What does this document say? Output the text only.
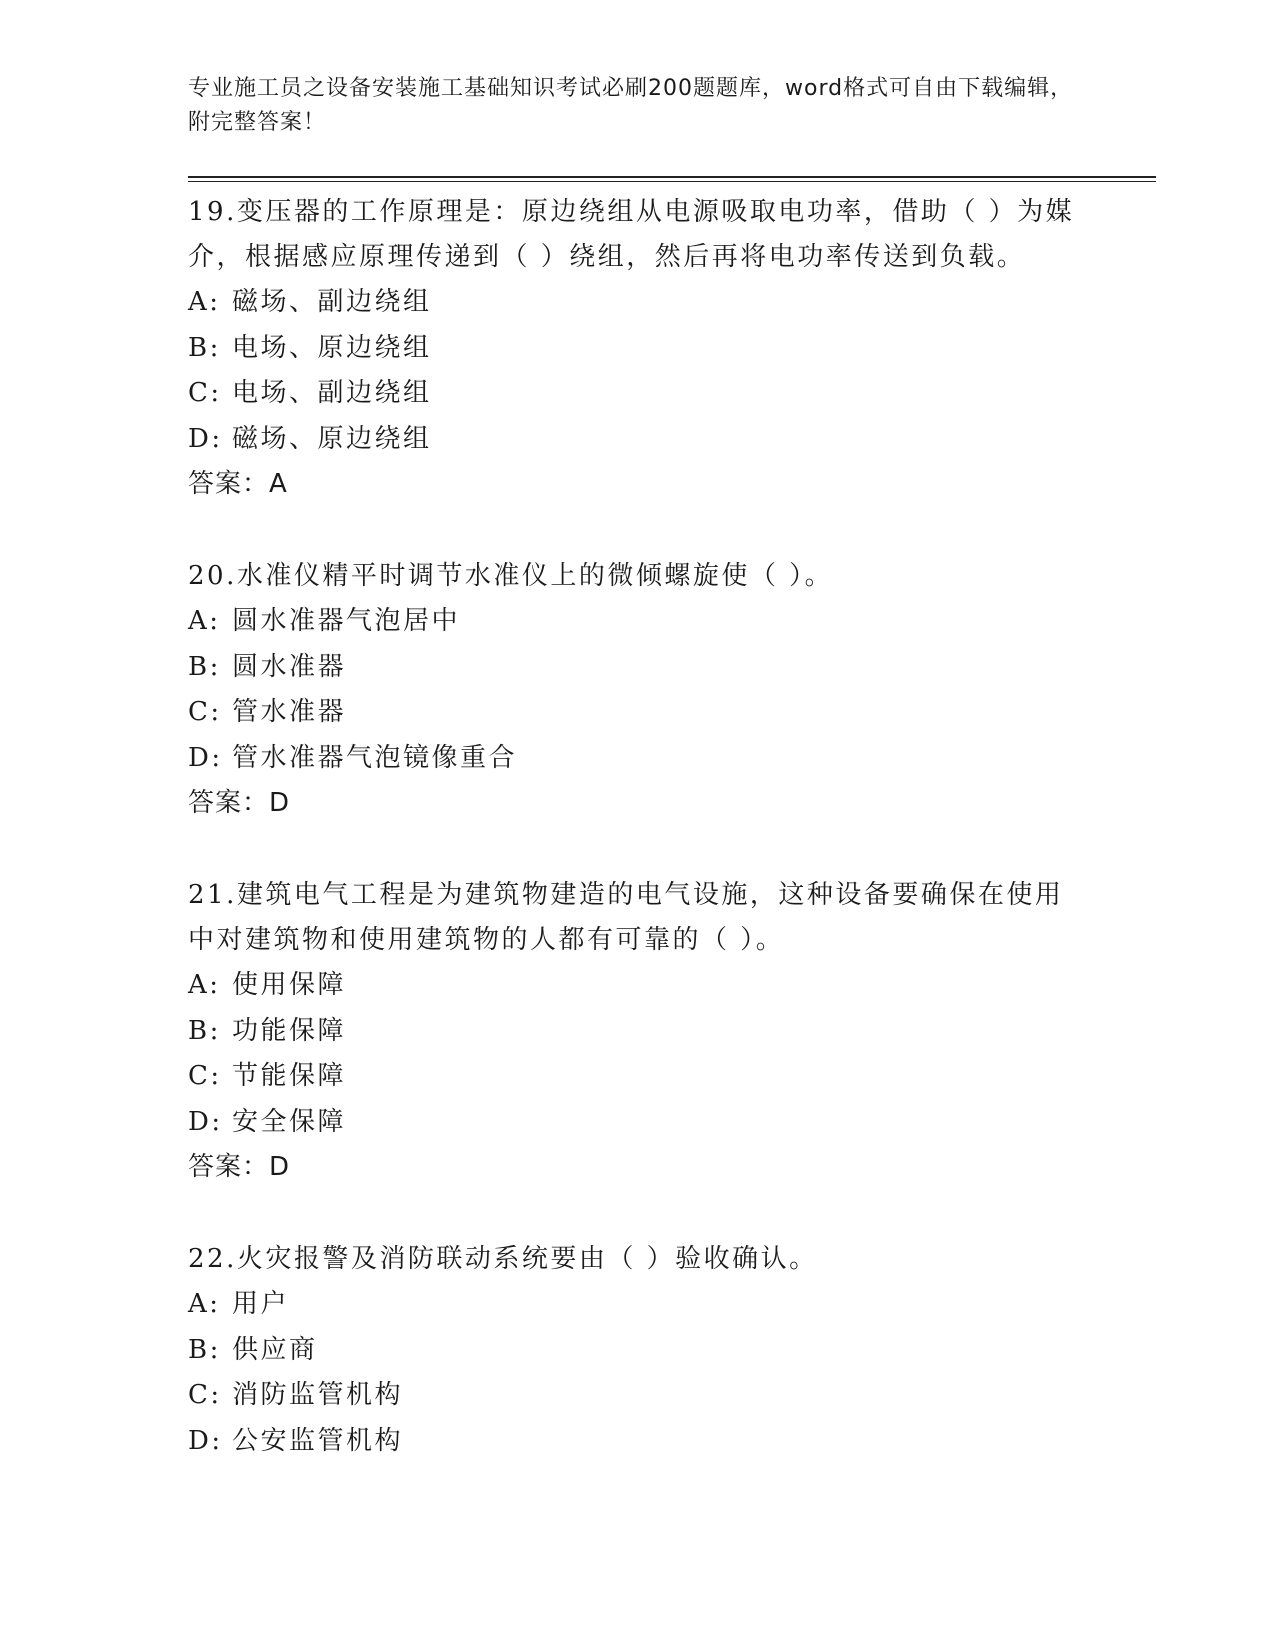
专业施工员之设备安装施工基础知识考试必刷200题题库，word格式可自由下载编辑，附完整答案！

19.变压器的工作原理是：原边绕组从电源吸取电功率，借助（ ）为媒介，根据感应原理传递到（ ）绕组，然后再将电功率传送到负载。

A: 磁场、副边绕组

B: 电场、原边绕组

C: 电场、副边绕组

D: 磁场、原边绕组

答案：A

20.水准仪精平时调节水准仪上的微倾螺旋使（ ）。

A: 圆水准器气泡居中

B: 圆水准器

C: 管水准器

D: 管水准器气泡镜像重合

答案：D

21.建筑电气工程是为建筑物建造的电气设施，这种设备要确保在使用中对建筑物和使用建筑物的人都有可靠的（ ）。

A: 使用保障

B: 功能保障

C: 节能保障

D: 安全保障

答案：D

22.火灾报警及消防联动系统要由（ ）验收确认。

A: 用户

B: 供应商

C: 消防监管机构

D: 公安监管机构
